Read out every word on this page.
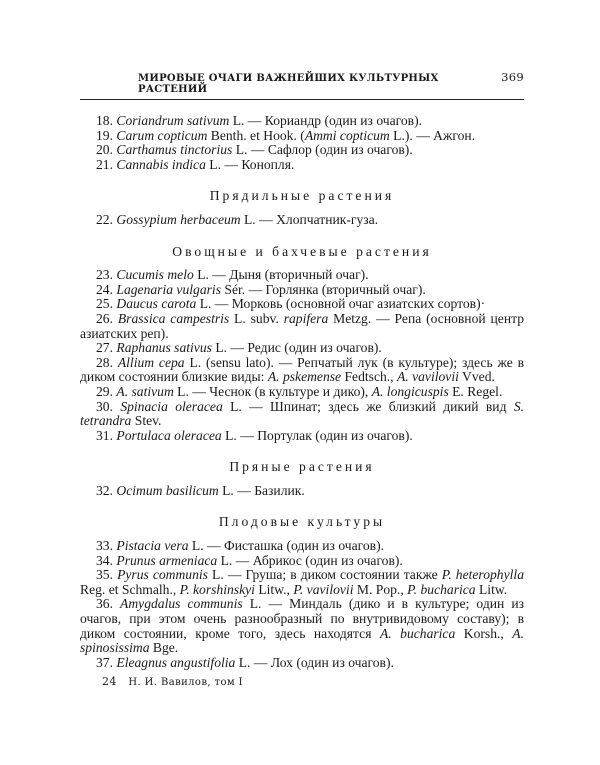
МИРОВЫЕ ОЧАГИ ВАЖНЕЙШИХ КУЛЬТУРНЫХ РАСТЕНИЙ
369

18. Coriandrum sativum L. — Кориандр (один из очагов).

19. Carum copticum Benth. et Hook. (Ammi copticum L.). — Ажгон.

20. Carthamus tinctorius L. — Сафлор (один из очагов).

21. Cannabis indica L. — Конопля.

Прядильные растения

22. Gossypium herbaceum L. — Хлопчатник-гуза.

Овощные и бахчевые растения

23. Cucumis melo L. — Дыня (вторичный очаг).

24. Lagenaria vulgaris Sér. — Горлянка (вторичный очаг).

25. Daucus carota L. — Морковь (основной очаг азиатских сортов)·

26. Brassica campestris L. subv. rapifera Metzg. — Репа (основной центр азиатских реп).

27. Raphanus sativus L. — Редис (один из очагов).

28. Allium cepa L. (sensu lato). — Репчатый лук (в культуре); здесь же в диком состоянии близкие виды: A. pskemense Fedtsch., A. vavilovii Vved.

29. A. sativum L. — Чеснок (в культуре и дико), A. longicuspis E. Regel.

30. Spinacia oleracea L. — Шпинат; здесь же близкий дикий вид S. tetrandra Stev.

31. Portulaca oleracea L. — Портулак (один из очагов).

Пряные растения

32. Ocimum basilicum L. — Базилик.

Плодовые культуры

33. Pistacia vera L. — Фисташка (один из очагов).

34. Prunus armeniaca L. — Абрикос (один из очагов).

35. Pyrus communis L. — Груша; в диком состоянии также P. heterophylla Reg. et Schmalh., P. korshinskyi Litw., P. vavilovii M. Pop., P. bucharica Litw.

36. Amygdalus communis L. — Миндаль (дико и в культуре; один из очагов, при этом очень разнообразный по внутривидовому составу); в диком состоянии, кроме того, здесь находятся A. bucharica Korsh., A. spinosissima Bge.

37. Eleagnus angustifolia L. — Лох (один из очагов).

24 Н. И. Вавилов, том I
